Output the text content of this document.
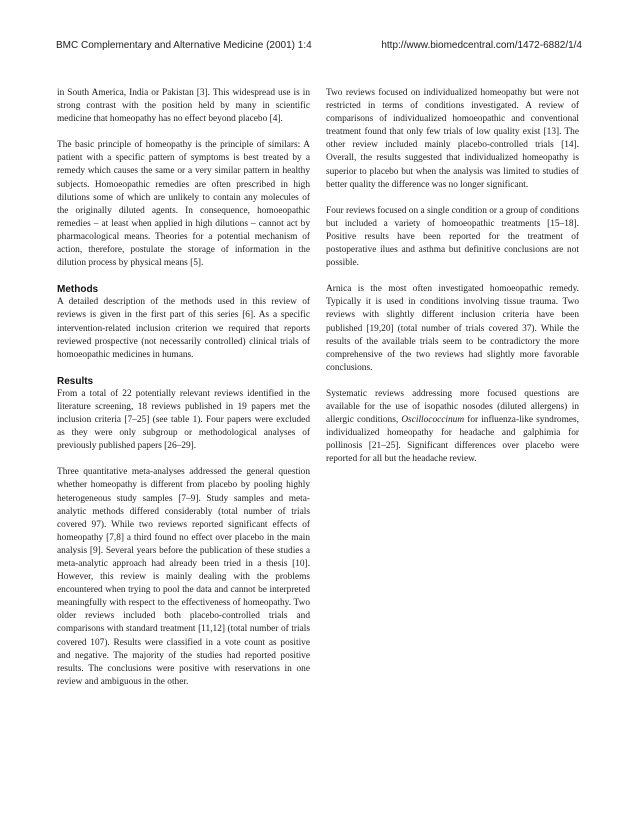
BMC Complementary and Alternative Medicine (2001) 1:4	http://www.biomedcentral.com/1472-6882/1/4

in South America, India or Pakistan [3]. This widespread use is in strong contrast with the position held by many in scientific medicine that homeopathy has no effect beyond placebo [4].

The basic principle of homeopathy is the principle of similars: A patient with a specific pattern of symptoms is best treated by a remedy which causes the same or a very similar pattern in healthy subjects. Homoeopathic remedies are often prescribed in high dilutions some of which are unlikely to contain any molecules of the originally diluted agents. In consequence, homoeopathic remedies – at least when applied in high dilutions – cannot act by pharmacological means. Theories for a potential mechanism of action, therefore, postulate the storage of information in the dilution process by physical means [5].

Methods

A detailed description of the methods used in this review of reviews is given in the first part of this series [6]. As a specific intervention-related inclusion criterion we required that reports reviewed prospective (not necessarily controlled) clinical trials of homoeopathic medicines in humans.

Results

From a total of 22 potentially relevant reviews identified in the literature screening, 18 reviews published in 19 papers met the inclusion criteria [7–25] (see table 1). Four papers were excluded as they were only subgroup or methodological analyses of previously published papers [26–29].

Three quantitative meta-analyses addressed the general question whether homeopathy is different from placebo by pooling highly heterogeneous study samples [7–9]. Study samples and meta-analytic methods differed considerably (total number of trials covered 97). While two reviews reported significant effects of homeopathy [7,8] a third found no effect over placebo in the main analysis [9]. Several years before the publication of these studies a meta-analytic approach had already been tried in a thesis [10]. However, this review is mainly dealing with the problems encountered when trying to pool the data and cannot be interpreted meaningfully with respect to the effectiveness of homeopathy. Two older reviews included both placebo-controlled trials and comparisons with standard treatment [11,12] (total number of trials covered 107). Results were classified in a vote count as positive and negative. The majority of the studies had reported positive results. The conclusions were positive with reservations in one review and ambiguous in the other.

Two reviews focused on individualized homeopathy but were not restricted in terms of conditions investigated. A review of comparisons of individualized homoeopathic and conventional treatment found that only few trials of low quality exist [13]. The other review included mainly placebo-controlled trials [14]. Overall, the results suggested that individualized homeopathy is superior to placebo but when the analysis was limited to studies of better quality the difference was no longer significant.

Four reviews focused on a single condition or a group of conditions but included a variety of homoeopathic treatments [15–18]. Positive results have been reported for the treatment of postoperative ilues and asthma but definitive conclusions are not possible.

Arnica is the most often investigated homoeopathic remedy. Typically it is used in conditions involving tissue trauma. Two reviews with slightly different inclusion criteria have been published [19,20] (total number of trials covered 37). While the results of the available trials seem to be contradictory the more comprehensive of the two reviews had slightly more favorable conclusions.

Systematic reviews addressing more focused questions are available for the use of isopathic nosodes (diluted allergens) in allergic conditions, Oscillococcinum for influenza-like syndromes, individualized homeopathy for headache and galphimia for pollinosis [21–25]. Significant differences over placebo were reported for all but the headache review.
